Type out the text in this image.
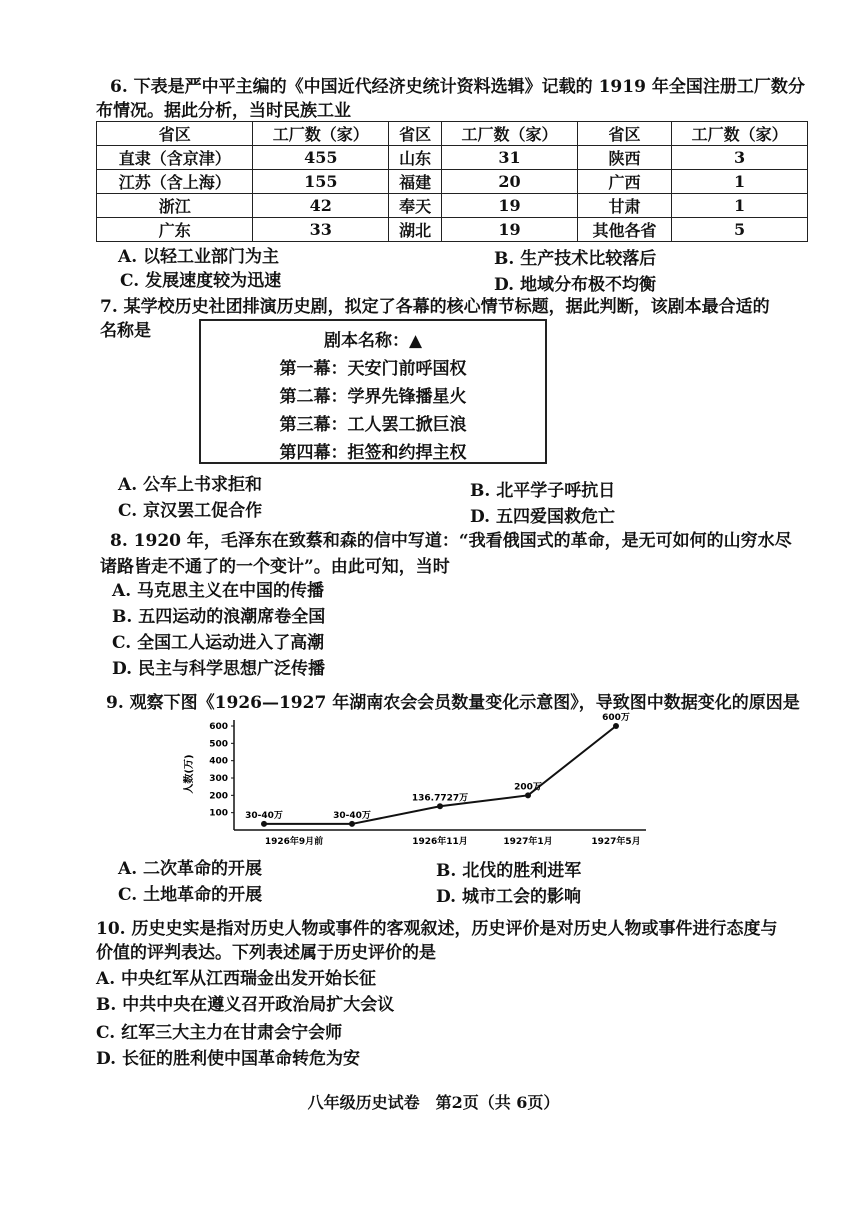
6. 下表是严中平主编的《中国近代经济史统计资料选辑》记载的 1919 年全国注册工厂数分
布情况。据此分析，当时民族工业
省区	工厂数（家）	省区	工厂数（家）	省区	工厂数（家）
直隶（含京津）	455	山东	31	陕西	3
江苏（含上海）	155	福建	20	广西	1
浙江	42	奉天	19	甘肃	1
广东	33	湖北	19	其他各省	5
A. 以轻工业部门为主	B. 生产技术比较落后
C. 发展速度较为迅速	D. 地域分布极不均衡
7. 某学校历史社团排演历史剧，拟定了各幕的核心情节标题，据此判断，该剧本最合适的
名称是	剧本名称：▲
第一幕：天安门前呼国权
第二幕：学界先锋播星火
第三幕：工人罢工掀巨浪
第四幕：拒签和约捍主权
A. 公车上书求拒和	B. 北平学子呼抗日
C. 京汉罢工促合作	D. 五四爱国救危亡
8. 1920 年，毛泽东在致蔡和森的信中写道：“我看俄国式的革命，是无可如何的山穷水尽
诸路皆走不通了的一个变计”。由此可知，当时
A. 马克思主义在中国的传播
B. 五四运动的浪潮席卷全国
C. 全国工人运动进入了高潮
D. 民主与科学思想广泛传播
9. 观察下图《1926—1927 年湖南农会会员数量变化示意图》，导致图中数据变化的原因是
100
200
300
400
500
600
人数(万)
1926年9月前	1926年11月	1927年1月	1927年5月
30-40万	30-40万
136.7727万
200万
600万
A. 二次革命的开展	B. 北伐的胜利进军
C. 土地革命的开展	D. 城市工会的影响
10. 历史史实是指对历史人物或事件的客观叙述，历史评价是对历史人物或事件进行态度与
价值的评判表达。下列表述属于历史评价的是
A. 中央红军从江西瑞金出发开始长征
B. 中共中央在遵义召开政治局扩大会议
C. 红军三大主力在甘肃会宁会师
D. 长征的胜利使中国革命转危为安
八年级历史试卷　第2页（共 6页）
